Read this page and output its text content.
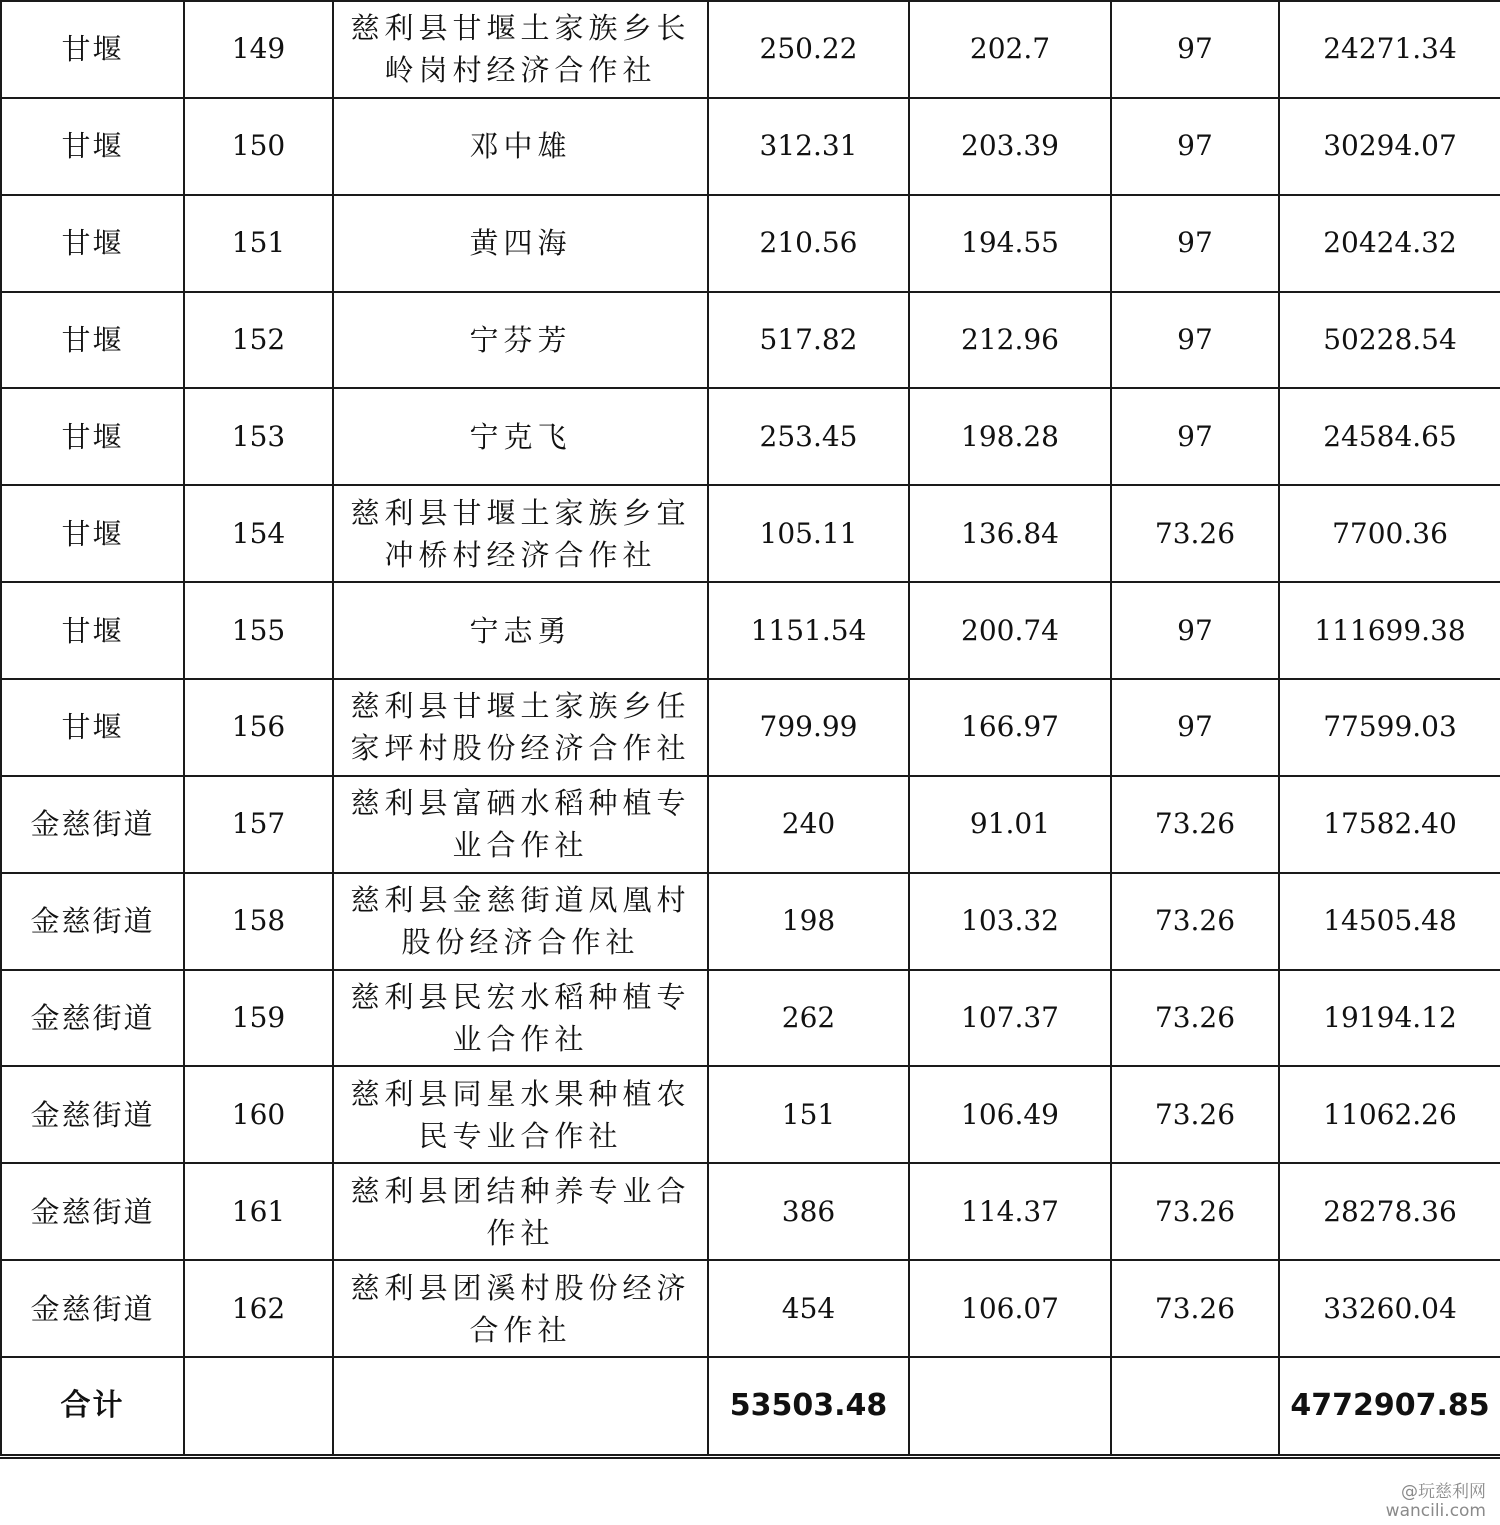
甘堰	149	慈利县甘堰土家族乡长岭岗村经济合作社	250.22	202.7	97	24271.34
甘堰	150	邓中雄	312.31	203.39	97	30294.07
甘堰	151	黄四海	210.56	194.55	97	20424.32
甘堰	152	宁芬芳	517.82	212.96	97	50228.54
甘堰	153	宁克飞	253.45	198.28	97	24584.65
甘堰	154	慈利县甘堰土家族乡宜冲桥村经济合作社	105.11	136.84	73.26	7700.36
甘堰	155	宁志勇	1151.54	200.74	97	111699.38
甘堰	156	慈利县甘堰土家族乡任家坪村股份经济合作社	799.99	166.97	97	77599.03
金慈街道	157	慈利县富硒水稻种植专业合作社	240	91.01	73.26	17582.40
金慈街道	158	慈利县金慈街道凤凰村股份经济合作社	198	103.32	73.26	14505.48
金慈街道	159	慈利县民宏水稻种植专业合作社	262	107.37	73.26	19194.12
金慈街道	160	慈利县同星水果种植农民专业合作社	151	106.49	73.26	11062.26
金慈街道	161	慈利县团结种养专业合作社	386	114.37	73.26	28278.36
金慈街道	162	慈利县团溪村股份经济合作社	454	106.07	73.26	33260.04
合计			53503.48			4772907.85
@玩慈利网
wancili.com
